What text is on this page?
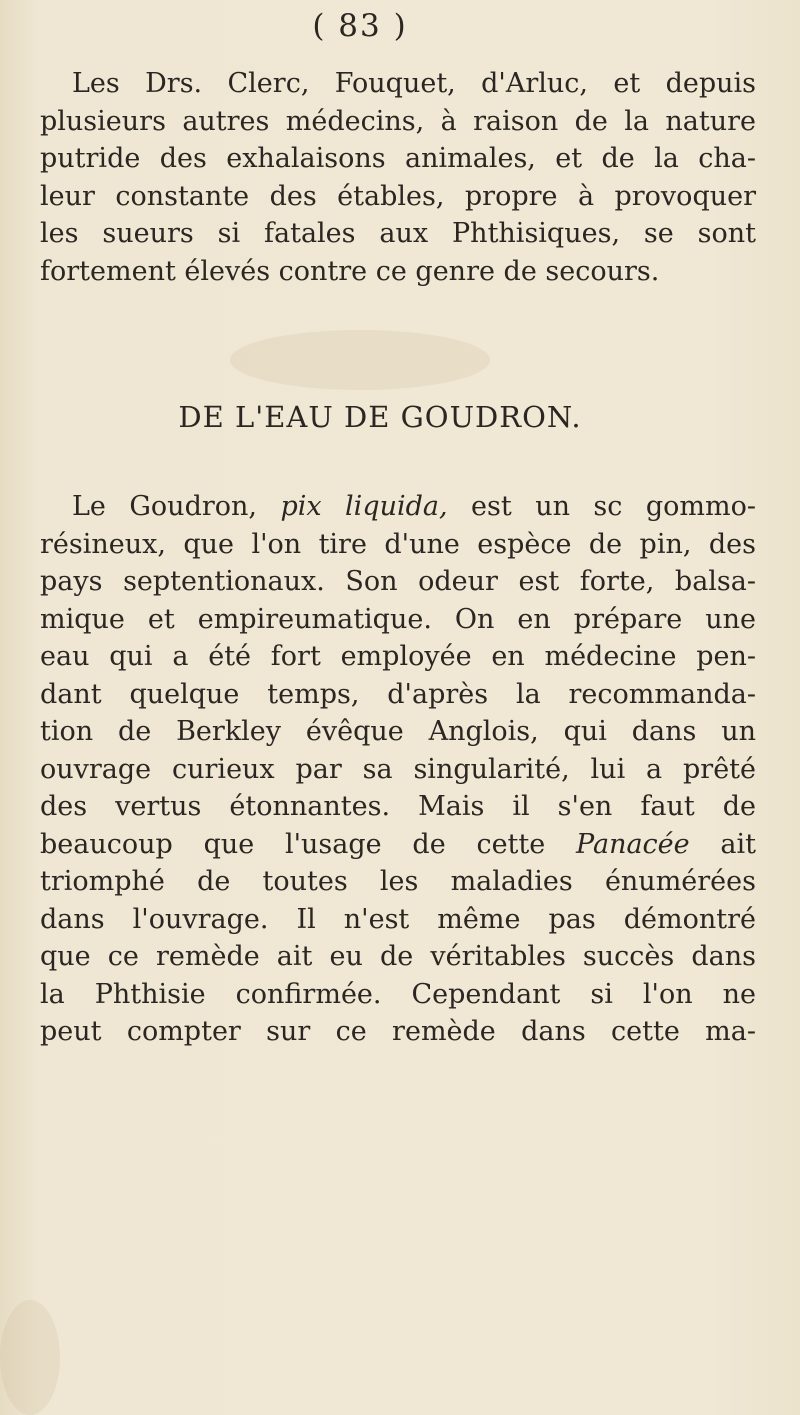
( 83 )
Les Drs. Clerc, Fouquet, d'Arluc, et depuis
plusieurs autres médecins, à raison de la nature
putride des exhalaisons animales, et de la cha-
leur constante des étables, propre à provoquer
les sueurs si fatales aux Phthisiques, se sont
fortement élevés contre ce genre de secours.
DE L'EAU DE GOUDRON.
Le Goudron, pix liquida, est un sc gommo-
résineux, que l'on tire d'une espèce de pin, des
pays septentionaux. Son odeur est forte, balsa-
mique et empireumatique. On en prépare une
eau qui a été fort employée en médecine pen-
dant quelque temps, d'après la recommanda-
tion de Berkley évêque Anglois, qui dans un
ouvrage curieux par sa singularité, lui a prêté
des vertus étonnantes. Mais il s'en faut de
beaucoup que l'usage de cette Panacée ait
triomphé de toutes les maladies énumérées
dans l'ouvrage. Il n'est même pas démontré
que ce remède ait eu de véritables succès dans
la Phthisie confirmée. Cependant si l'on ne
peut compter sur ce remède dans cette ma-
